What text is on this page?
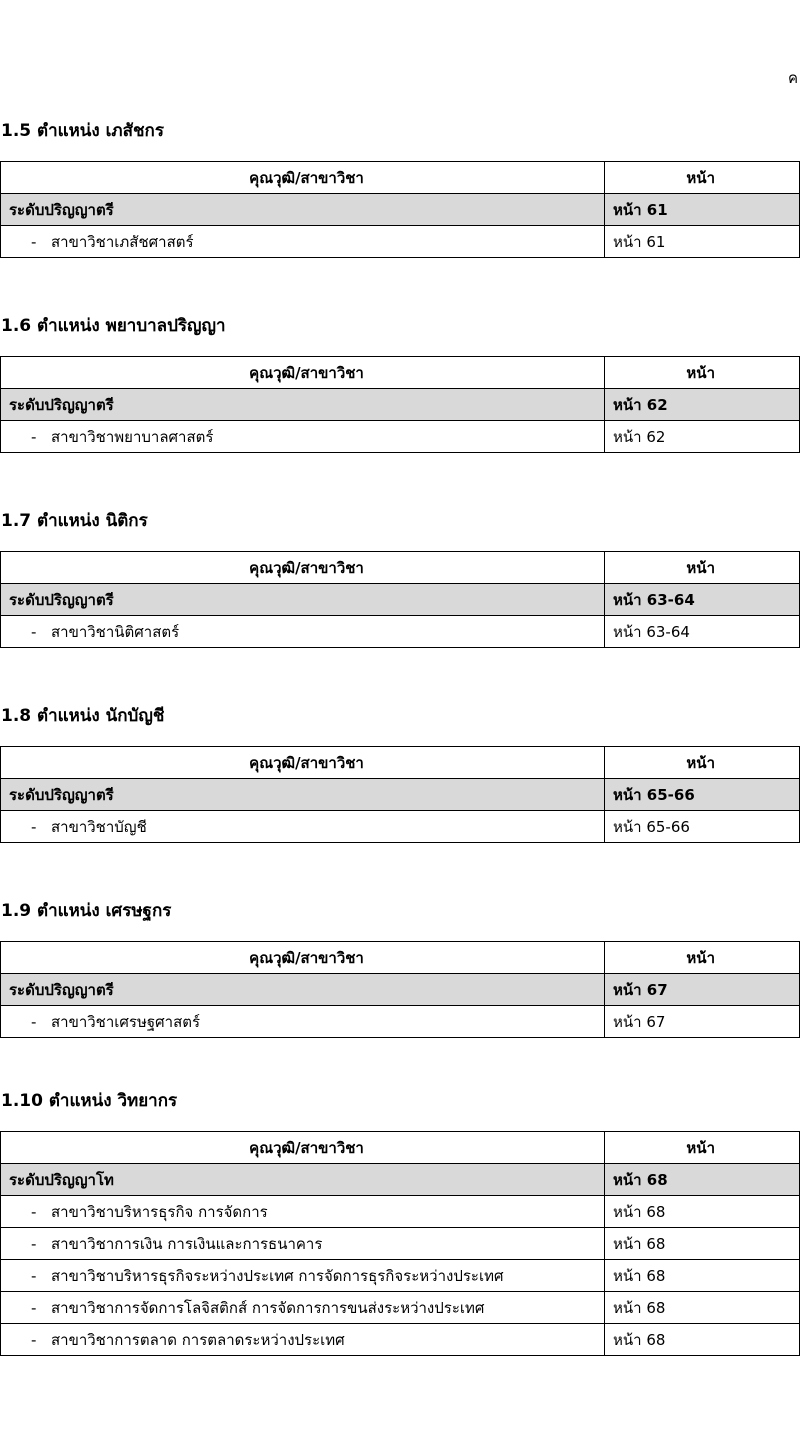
ค
1.5 ตำแหน่ง เภสัชกร
คุณวุฒิ/สาขาวิชา	หน้า
ระดับปริญญาตรี	หน้า 61
- สาขาวิชาเภสัชศาสตร์	หน้า 61
1.6 ตำแหน่ง พยาบาลปริญญา
คุณวุฒิ/สาขาวิชา	หน้า
ระดับปริญญาตรี	หน้า 62
- สาขาวิชาพยาบาลศาสตร์	หน้า 62
1.7 ตำแหน่ง นิติกร
คุณวุฒิ/สาขาวิชา	หน้า
ระดับปริญญาตรี	หน้า 63-64
- สาขาวิชานิติศาสตร์	หน้า 63-64
1.8 ตำแหน่ง นักบัญชี
คุณวุฒิ/สาขาวิชา	หน้า
ระดับปริญญาตรี	หน้า 65-66
- สาขาวิชาบัญชี	หน้า 65-66
1.9 ตำแหน่ง เศรษฐกร
คุณวุฒิ/สาขาวิชา	หน้า
ระดับปริญญาตรี	หน้า 67
- สาขาวิชาเศรษฐศาสตร์	หน้า 67
1.10 ตำแหน่ง วิทยากร
คุณวุฒิ/สาขาวิชา	หน้า
ระดับปริญญาโท	หน้า 68
- สาขาวิชาบริหารธุรกิจ การจัดการ	หน้า 68
- สาขาวิชาการเงิน การเงินและการธนาคาร	หน้า 68
- สาขาวิชาบริหารธุรกิจระหว่างประเทศ การจัดการธุรกิจระหว่างประเทศ	หน้า 68
- สาขาวิชาการจัดการโลจิสติกส์ การจัดการการขนส่งระหว่างประเทศ	หน้า 68
- สาขาวิชาการตลาด การตลาดระหว่างประเทศ	หน้า 68
